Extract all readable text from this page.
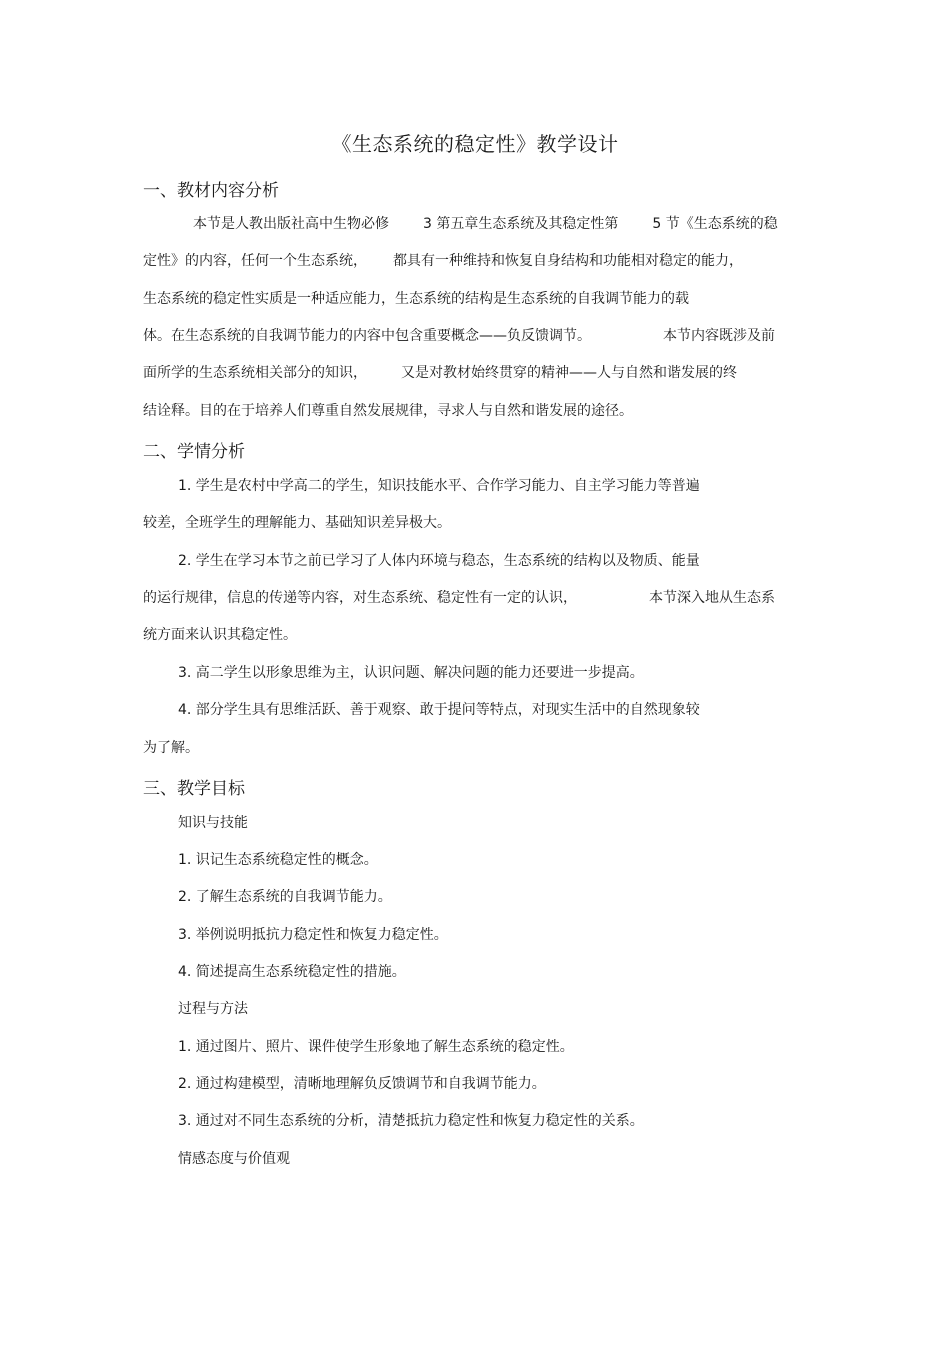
《生态系统的稳定性》教学设计
一、教材内容分析
本节是人教出版社高中生物必修 3 第五章生态系统及其稳定性第 5 节《生态系统的稳
定性》的内容，任何一个生态系统， 都具有一种维持和恢复自身结构和功能相对稳定的能力，
生态系统的稳定性实质是一种适应能力，生态系统的结构是生态系统的自我调节能力的载
体。在生态系统的自我调节能力的内容中包含重要概念——负反馈调节。	本节内容既涉及前
面所学的生态系统相关部分的知识， 又是对教材始终贯穿的精神——人与自然和谐发展的终
结诠释。目的在于培养人们尊重自然发展规律，寻求人与自然和谐发展的途径。
二、学情分析
1. 学生是农村中学高二的学生，知识技能水平、合作学习能力、自主学习能力等普遍
较差，全班学生的理解能力、基础知识差异极大。
2. 学生在学习本节之前已学习了人体内环境与稳态，生态系统的结构以及物质、能量
的运行规律，信息的传递等内容，对生态系统、稳定性有一定的认识，	本节深入地从生态系
统方面来认识其稳定性。
3. 高二学生以形象思维为主，认识问题、解决问题的能力还要进一步提高。
4. 部分学生具有思维活跃、善于观察、敢于提问等特点，对现实生活中的自然现象较
为了解。
三、教学目标
知识与技能
1. 识记生态系统稳定性的概念。
2. 了解生态系统的自我调节能力。
3. 举例说明抵抗力稳定性和恢复力稳定性。
4. 简述提高生态系统稳定性的措施。
过程与方法
1. 通过图片、照片、课件使学生形象地了解生态系统的稳定性。
2. 通过构建模型，清晰地理解负反馈调节和自我调节能力。
3. 通过对不同生态系统的分析，清楚抵抗力稳定性和恢复力稳定性的关系。
情感态度与价值观
